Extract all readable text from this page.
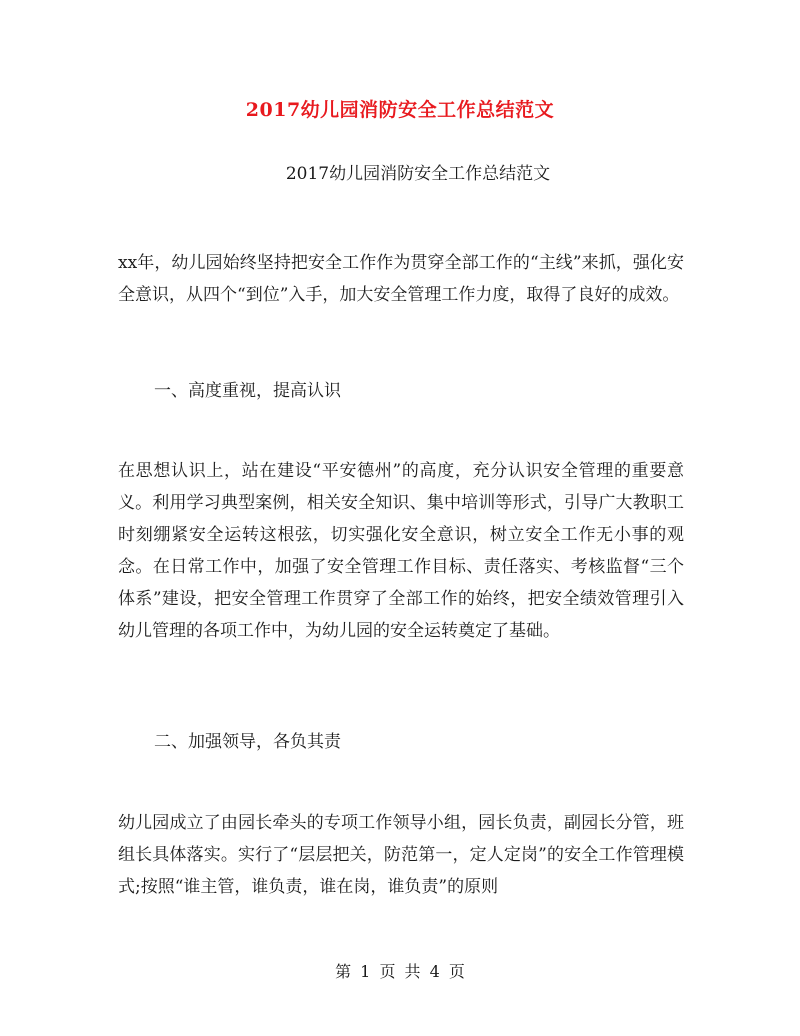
2017幼儿园消防安全工作总结范文
2017幼儿园消防安全工作总结范文

xx年，幼儿园始终坚持把安全工作作为贯穿全部工作的“主线”来抓，强化安全意识，从四个“到位”入手，加大安全管理工作力度，取得了良好的成效。

一、高度重视，提高认识

在思想认识上，站在建设“平安德州”的高度，充分认识安全管理的重要意义。利用学习典型案例，相关安全知识、集中培训等形式，引导广大教职工时刻绷紧安全运转这根弦，切实强化安全意识，树立安全工作无小事的观念。在日常工作中，加强了安全管理工作目标、责任落实、考核监督“三个体系”建设，把安全管理工作贯穿了全部工作的始终，把安全绩效管理引入幼儿管理的各项工作中，为幼儿园的安全运转奠定了基础。

二、加强领导，各负其责

幼儿园成立了由园长牵头的专项工作领导小组，园长负责，副园长分管，班组长具体落实。实行了“层层把关，防范第一，定人定岗”的安全工作管理模式;按照“谁主管，谁负责，谁在岗，谁负责”的原则

第 1 页 共 4 页
